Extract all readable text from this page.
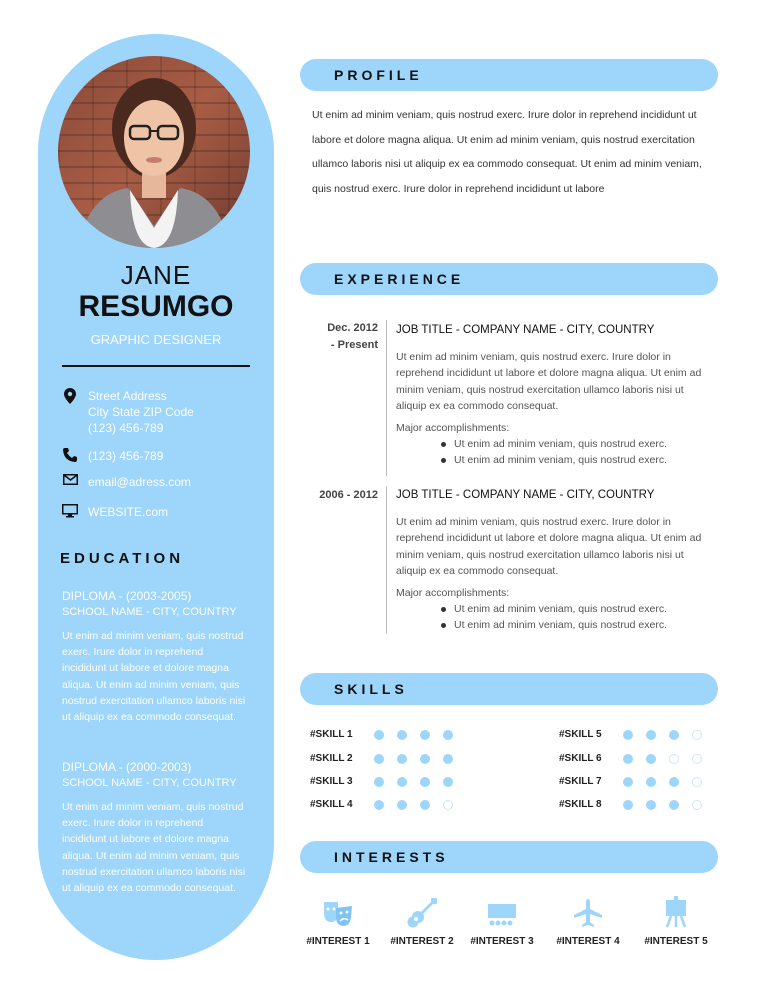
JANE
RESUMGO
GRAPHIC DESIGNER
Street Address
City State ZIP Code
(123) 456-789
(123) 456-789
email@adress.com
WEBSITE.com
EDUCATION
DIPLOMA - (2003-2005)
SCHOOL NAME - CITY, COUNTRY
Ut enim ad minim veniam, quis nostrud exerc. Irure dolor in reprehend incididunt ut labore et dolore magna aliqua. Ut enim ad minim veniam, quis nostrud exercitation ullamco laboris nisi ut aliquip ex ea commodo consequat.
DIPLOMA - (2000-2003)
SCHOOL NAME - CITY, COUNTRY
Ut enim ad minim veniam, quis nostrud exerc. Irure dolor in reprehend incididunt ut labore et dolore magna aliqua. Ut enim ad minim veniam, quis nostrud exercitation ullamco laboris nisi ut aliquip ex ea commodo consequat.
PROFILE
Ut enim ad minim veniam, quis nostrud exerc. Irure dolor in reprehend incididunt ut labore et dolore magna aliqua. Ut enim ad minim veniam, quis nostrud exercitation ullamco laboris nisi ut aliquip ex ea commodo consequat. Ut enim ad minim veniam, quis nostrud exerc. Irure dolor in reprehend incididunt ut labore
EXPERIENCE
Dec. 2012
- Present
JOB TITLE - COMPANY NAME - CITY, COUNTRY
Ut enim ad minim veniam, quis nostrud exerc. Irure dolor in reprehend incididunt ut labore et dolore magna aliqua. Ut enim ad minim veniam, quis nostrud exercitation ullamco laboris nisi ut aliquip ex ea commodo consequat.
Major accomplishments:
Ut enim ad minim veniam, quis nostrud exerc.
Ut enim ad minim veniam, quis nostrud exerc.
2006 - 2012 JOB TITLE - COMPANY NAME - CITY, COUNTRY
Ut enim ad minim veniam, quis nostrud exerc. Irure dolor in reprehend incididunt ut labore et dolore magna aliqua. Ut enim ad minim veniam, quis nostrud exercitation ullamco laboris nisi ut aliquip ex ea commodo consequat.
Major accomplishments:
Ut enim ad minim veniam, quis nostrud exerc.
Ut enim ad minim veniam, quis nostrud exerc.
SKILLS
#SKILL 1
#SKILL 2
#SKILL 3
#SKILL 4
#SKILL 5
#SKILL 6
#SKILL 7
#SKILL 8
INTERESTS
#INTEREST 1	#INTEREST 2	#INTEREST 3	#INTEREST 4	#INTEREST 5
